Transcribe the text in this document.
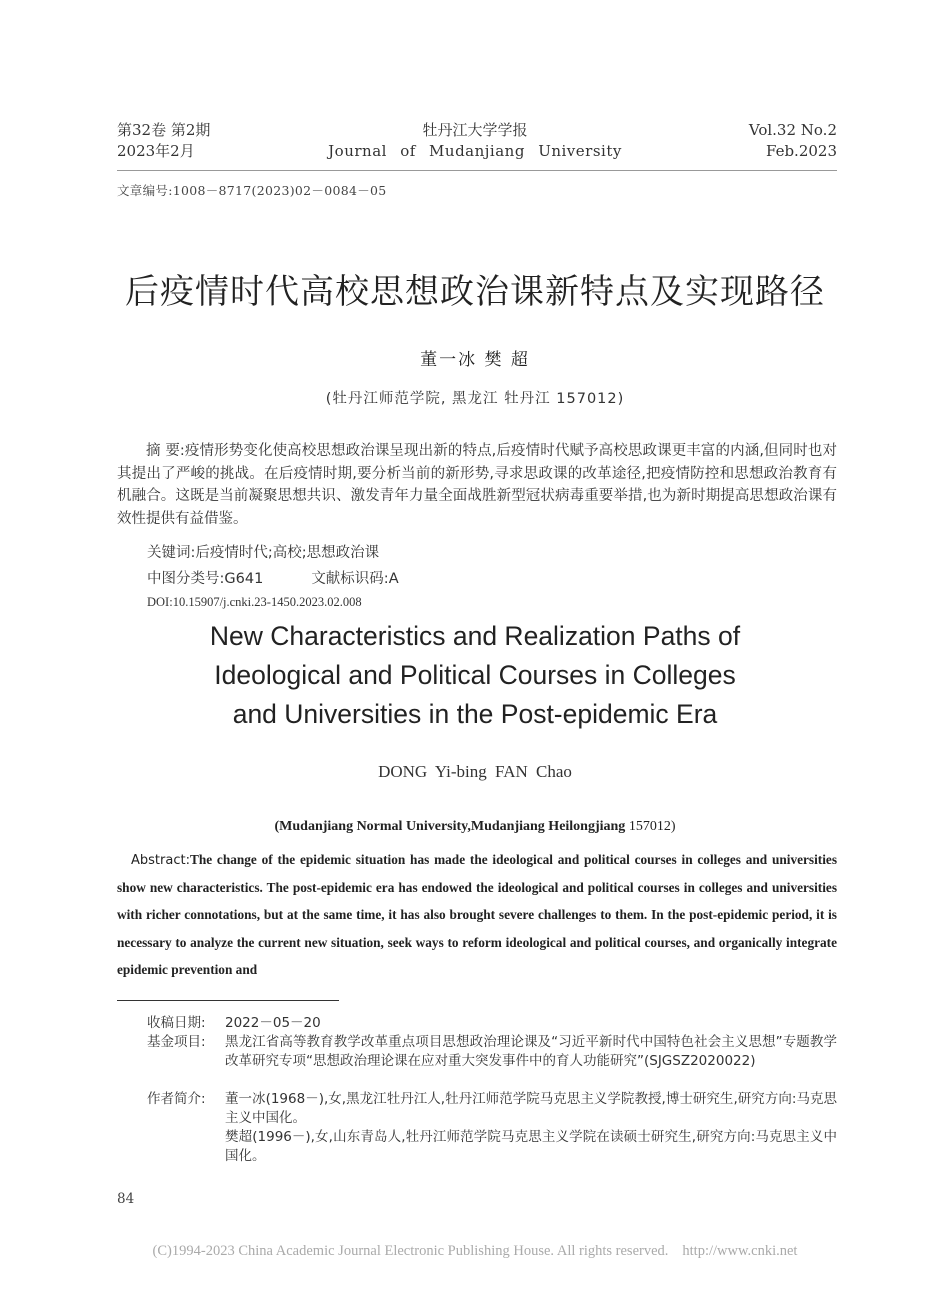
第32卷 第2期
2023年2月
牡丹江大学学报
Journal of Mudanjiang University
Vol.32 No.2
Feb.2023
文章编号:1008－8717(2023)02－0084－05
后疫情时代高校思想政治课新特点及实现路径
董一冰 樊 超
(牡丹江师范学院, 黑龙江 牡丹江 157012)
摘 要:疫情形势变化使高校思想政治课呈现出新的特点,后疫情时代赋予高校思政课更丰富的内涵,但同时也对其提出了严峻的挑战。在后疫情时期,要分析当前的新形势,寻求思政课的改革途径,把疫情防控和思想政治教育有机融合。这既是当前凝聚思想共识、激发青年力量全面战胜新型冠状病毒重要举措,也为新时期提高思想政治课有效性提供有益借鉴。
关键词:后疫情时代;高校;思想政治课
中图分类号:G641	文献标识码:A
DOI:10.15907/j.cnki.23-1450.2023.02.008
New Characteristics and Realization Paths of
Ideological and Political Courses in Colleges
and Universities in the Post-epidemic Era
DONG Yi-bing FAN Chao
(Mudanjiang Normal University,Mudanjiang Heilongjiang 157012)
Abstract:The change of the epidemic situation has made the ideological and political courses in colleges and universities show new characteristics. The post-epidemic era has endowed the ideological and political courses in colleges and universities with richer connotations, but at the same time, it has also brought severe challenges to them. In the post-epidemic period, it is necessary to analyze the current new situation, seek ways to reform ideological and political courses, and organically integrate epidemic prevention and
收稿日期: 2022－05－20
基金项目: 黑龙江省高等教育教学改革重点项目思想政治理论课及“习近平新时代中国特色社会主义思想”专题教学改革研究专项“思想政治理论课在应对重大突发事件中的育人功能研究”(SJGSZ2020022)
作者简介: 董一冰(1968－),女,黑龙江牡丹江人,牡丹江师范学院马克思主义学院教授,博士研究生,研究方向:马克思主义中国化。
樊超(1996－),女,山东青岛人,牡丹江师范学院马克思主义学院在读硕士研究生,研究方向:马克思主义中国化。
84
(C)1994-2023 China Academic Journal Electronic Publishing House. All rights reserved. http://www.cnki.net
